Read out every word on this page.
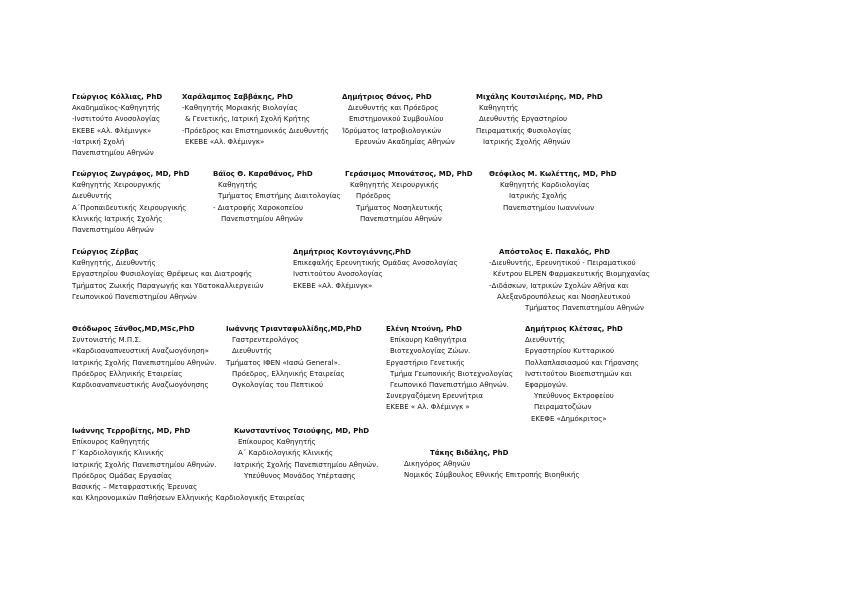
Γεώργιος Κόλλιας, PhD
Ακαδημαϊκος-Καθηγητής
-Ινστιτούτο Ανοσολογίας
ΕΚΕΒΕ «Αλ. Φλέμινγκ»
-Ιατρική Σχολή
Πανεπιστημίου Αθηνών
Χαράλαμπος Σαββάκης, PhD
-Καθηγητής Μοριακής Βιολογίας
& Γενετικής, Ιατρική Σχολή Κρήτης
-Πρόεδρος και Επιστημονικός Διευθυντής
ΕΚΕΒΕ «Αλ. Φλέμινγκ»
Δημήτριος Θάνος, PhD
Διευθυντής και Πρόεδρος
Επιστημονικού Συμβουλίου
Ίδρύματος Ιατροβιολογικών
Ερευνών Ακαδημίας Αθηνών
Μιχάλης Κουτσιλιέρης, MD, PhD
Καθηγητής
Διευθυντής Εργαστηρίου
Πειραματικής Φυσιολογίας
Ιατρικής Σχολής Αθηνών
Γεώργιος Ζωγράφος, MD, PhD
Καθηγητής Χειρουργικής
Διευθυντής
Α΄Προπαιδευτικής Χειρουργικής
Κλινικής Ιατρικής Σχολής
Πανεπιστημίου Αθηνών
Βάϊος Θ. Καραθάνος, PhD
Καθηγητής
Τμήματος Επιστήμης Διαιτολογίας
- Διατροφής Χαροκοπείου
Πανεπιστημίου Αθηνών
Γεράσιμος Μπονάτσος, MD, PhD
Καθηγητής Χειρουργικής
Πρόεδρος
Τμήματος Νοσηλευτικής
Πανεπιστημίου Αθηνών
Θεόφιλος Μ. Κωλέττης, MD, PhD
Καθηγητής Καρδιολογίας
Ιατρικής Σχολής
Πανεπιστημίου Ιωαννίνων
Γεώργιος Ζέρβας
Καθηγητής, Διευθυντής
Εργαστηρίου Φυσιολογίας Θρέψεως και Διατροφής
Τμήματος Ζωικής Παραγωγής και Υδατοκαλλιεργειών
Γεωπονικού Πανεπιστημίου Αθηνών
Δημήτριος Κοντογιάννης,PhD
Επικεφαλής Ερευνητικής Ομάδας Ανοσολογίας
Ινστιτούτου Ανοσολογίας
ΕΚΕΒΕ «Αλ. Φλέμινγκ»
Απόστολος Ε. Πακαλός, PhD
-Διευθυντής, Ερευνητικού - Πειραματικού
Κέντρου ELPEN Φαρμακευτικής Βιομηχανίας
-Διδάσκων, Ιατρικών Σχολών Αθήνα και
Αλεξανδρουπόλεως και Νοσηλευτικού
Τμήματος Πανεπιστημίου Αθηνών
Θεόδωρος Ξάνθος,MD,MSc,PhD
Συντονιστής Μ.Π.Σ.
«Καρδιοαναπνευστική Αναζωογόνηση»
Ιατρικής Σχολής Πανεπιστημίου Αθηνών.
Πρόεδρος Ελληνικής Εταιρείας
Καρδιοαναπνευστικής Αναζωογόνησης
Ιωάννης Τριανταφυλλίδης,MD,PhD
Γαστρεντερολόγος
Διευθυντής
Τμήματος ΙΦΕΝ «Ιασώ General».
Πρόεδρος, Ελληνικής Εταιρείας
Ογκολογίας του Πεπτικού
Ελένη Ντούνη, PhD
Επίκουρη Καθηγήτρια
Βιοτεχνολογίας Ζώων.
Εργαστήριο Γενετικής
Τμήμα Γεωπονικής Βιοτεχνολογίας
Γεωπονικό Πανεπιστήμιο Αθηνών.
Συνεργαζόμενη Ερευνήτρια
ΕΚΕΒΕ « Αλ. Φλέμινγκ »
Δημήτριος Κλέτσας, PhD
Διευθυντής
Εργαστηρίου Κυτταρικού
Πολλαπλασιασμού και Γήρανσης
Ινστιτούτου Βιοεπιστημών και
Εφαρμογών.
Υπεύθυνος Εκτροφείου
Πειραματοζώων
ΕΚΕΦΕ «Δημόκριτος»
Ιωάννης Τερροβίτης, MD, PhD
Επίκουρος Καθηγητής
Γ΄Καρδιολογικής Κλινικής
Ιατρικής Σχολής Πανεπιστημίου Αθηνών.
Πρόεδρος Ομάδας Εργασίας
Βασικής – Μεταφραστικής Έρευνας
και Κληρονομικών Παθήσεων Ελληνικής Καρδιολογικής Εταιρείας
Κωνσταντίνος Τσιούφης, MD, PhD
Επίκουρος Καθηγητής
Α΄ Καρδιολογικής Κλινικής
Ιατρικής Σχολής Πανεπιστημίου Αθηνών.
Υπεύθυνος Μονάδος Υπέρτασης
Τάκης Βιδάλης, PhD
Δικηγόρος Αθηνών
Νομικός Σύμβουλος Εθνικής Επιτροπής Βιοηθικής
